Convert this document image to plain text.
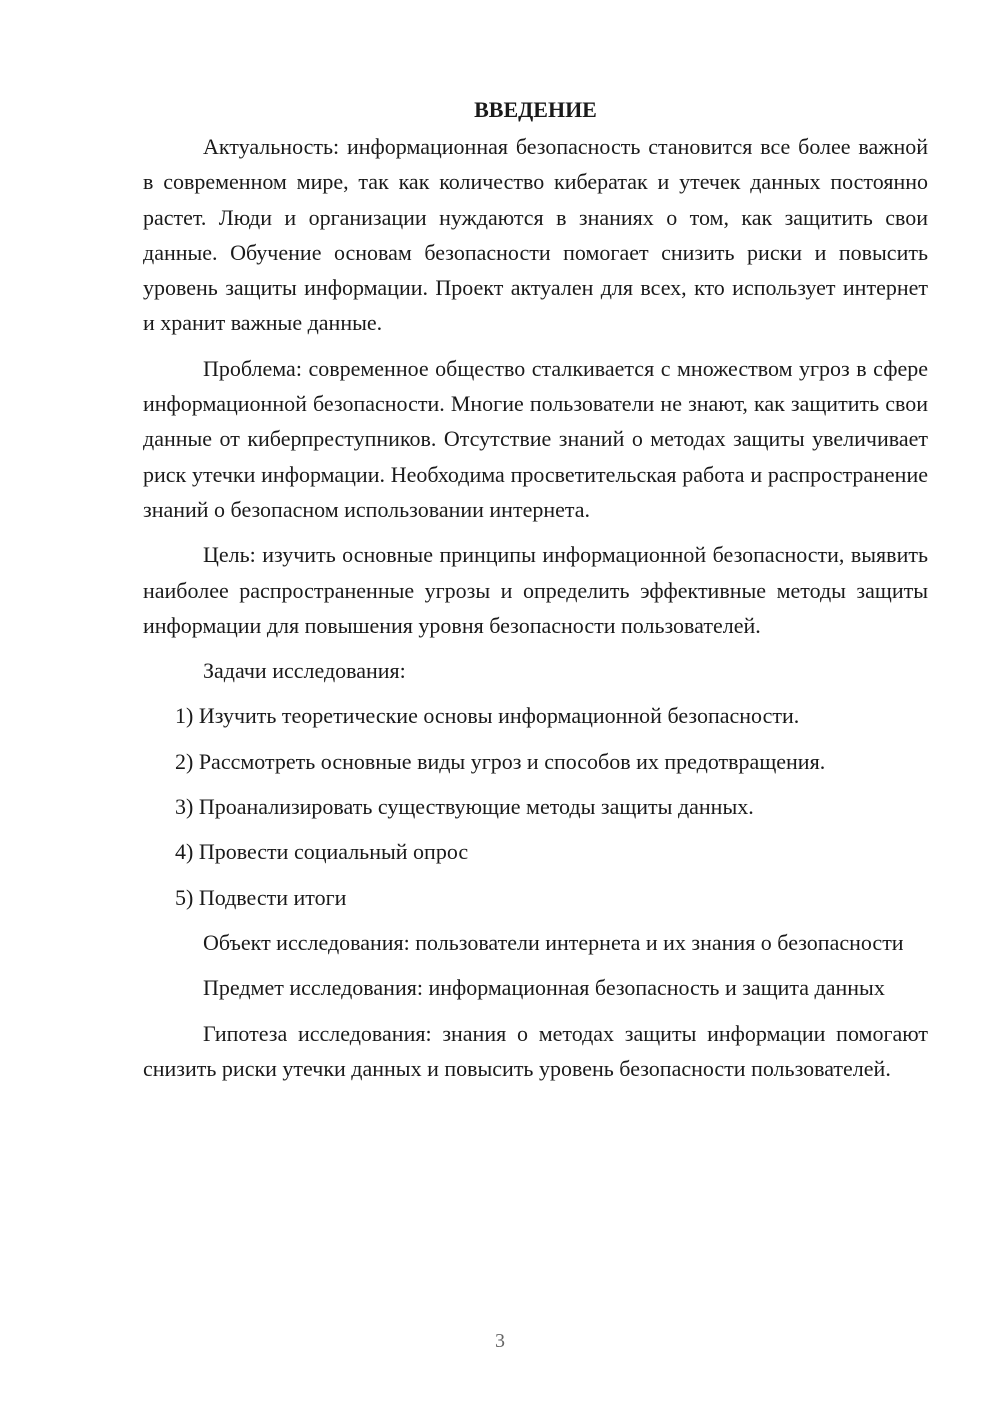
ВВЕДЕНИЕ

Актуальность: информационная безопасность становится все более важной в современном мире, так как количество кибератак и утечек данных постоянно растет. Люди и организации нуждаются в знаниях о том, как защитить свои данные. Обучение основам безопасности помогает снизить риски и повысить уровень защиты информации. Проект актуален для всех, кто использует интернет и хранит важные данные.

Проблема: современное общество сталкивается с множеством угроз в сфере информационной безопасности. Многие пользователи не знают, как защитить свои данные от киберпреступников. Отсутствие знаний о методах защиты увеличивает риск утечки информации. Необходима просветительская работа и распространение знаний о безопасном использовании интернета.

Цель: изучить основные принципы информационной безопасности, выявить наиболее распространенные угрозы и определить эффективные методы защиты информации для повышения уровня безопасности пользователей.

Задачи исследования:

1) Изучить теоретические основы информационной безопасности.

2) Рассмотреть основные виды угроз и способов их предотвращения.

3) Проанализировать существующие методы защиты данных.

4) Провести социальный опрос

5) Подвести итоги

Объект исследования: пользователи интернета и их знания о безопасности

Предмет исследования: информационная безопасность и защита данных

Гипотеза исследования: знания о методах защиты информации помогают снизить риски утечки данных и повысить уровень безопасности пользователей.

3
